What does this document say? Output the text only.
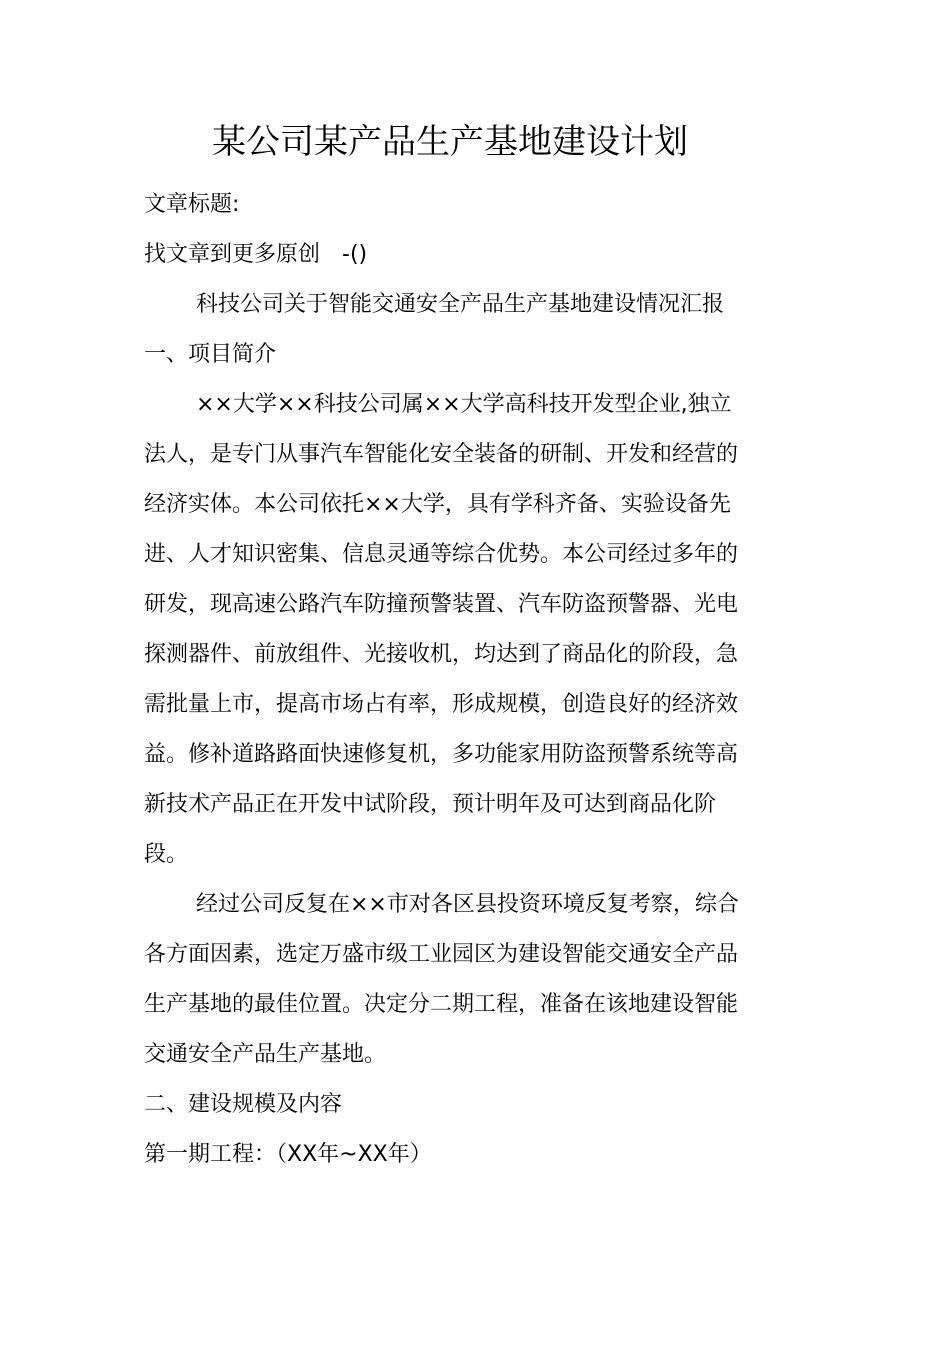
某公司某产品生产基地建设计划

文章标题:

找文章到更多原创　-()

科技公司关于智能交通安全产品生产基地建设情况汇报

一、项目简介

××大学××科技公司属××大学高科技开发型企业,独立法人，是专门从事汽车智能化安全装备的研制、开发和经营的经济实体。本公司依托××大学，具有学科齐备、实验设备先进、人才知识密集、信息灵通等综合优势。本公司经过多年的研发，现高速公路汽车防撞预警装置、汽车防盗预警器、光电探测器件、前放组件、光接收机，均达到了商品化的阶段，急需批量上市，提高市场占有率，形成规模，创造良好的经济效益。修补道路路面快速修复机，多功能家用防盗预警系统等高新技术产品正在开发中试阶段，预计明年及可达到商品化阶段。

经过公司反复在××市对各区县投资环境反复考察，综合各方面因素，选定万盛市级工业园区为建设智能交通安全产品生产基地的最佳位置。决定分二期工程，准备在该地建设智能交通安全产品生产基地。

二、建设规模及内容

第一期工程：（XX年~XX年）
